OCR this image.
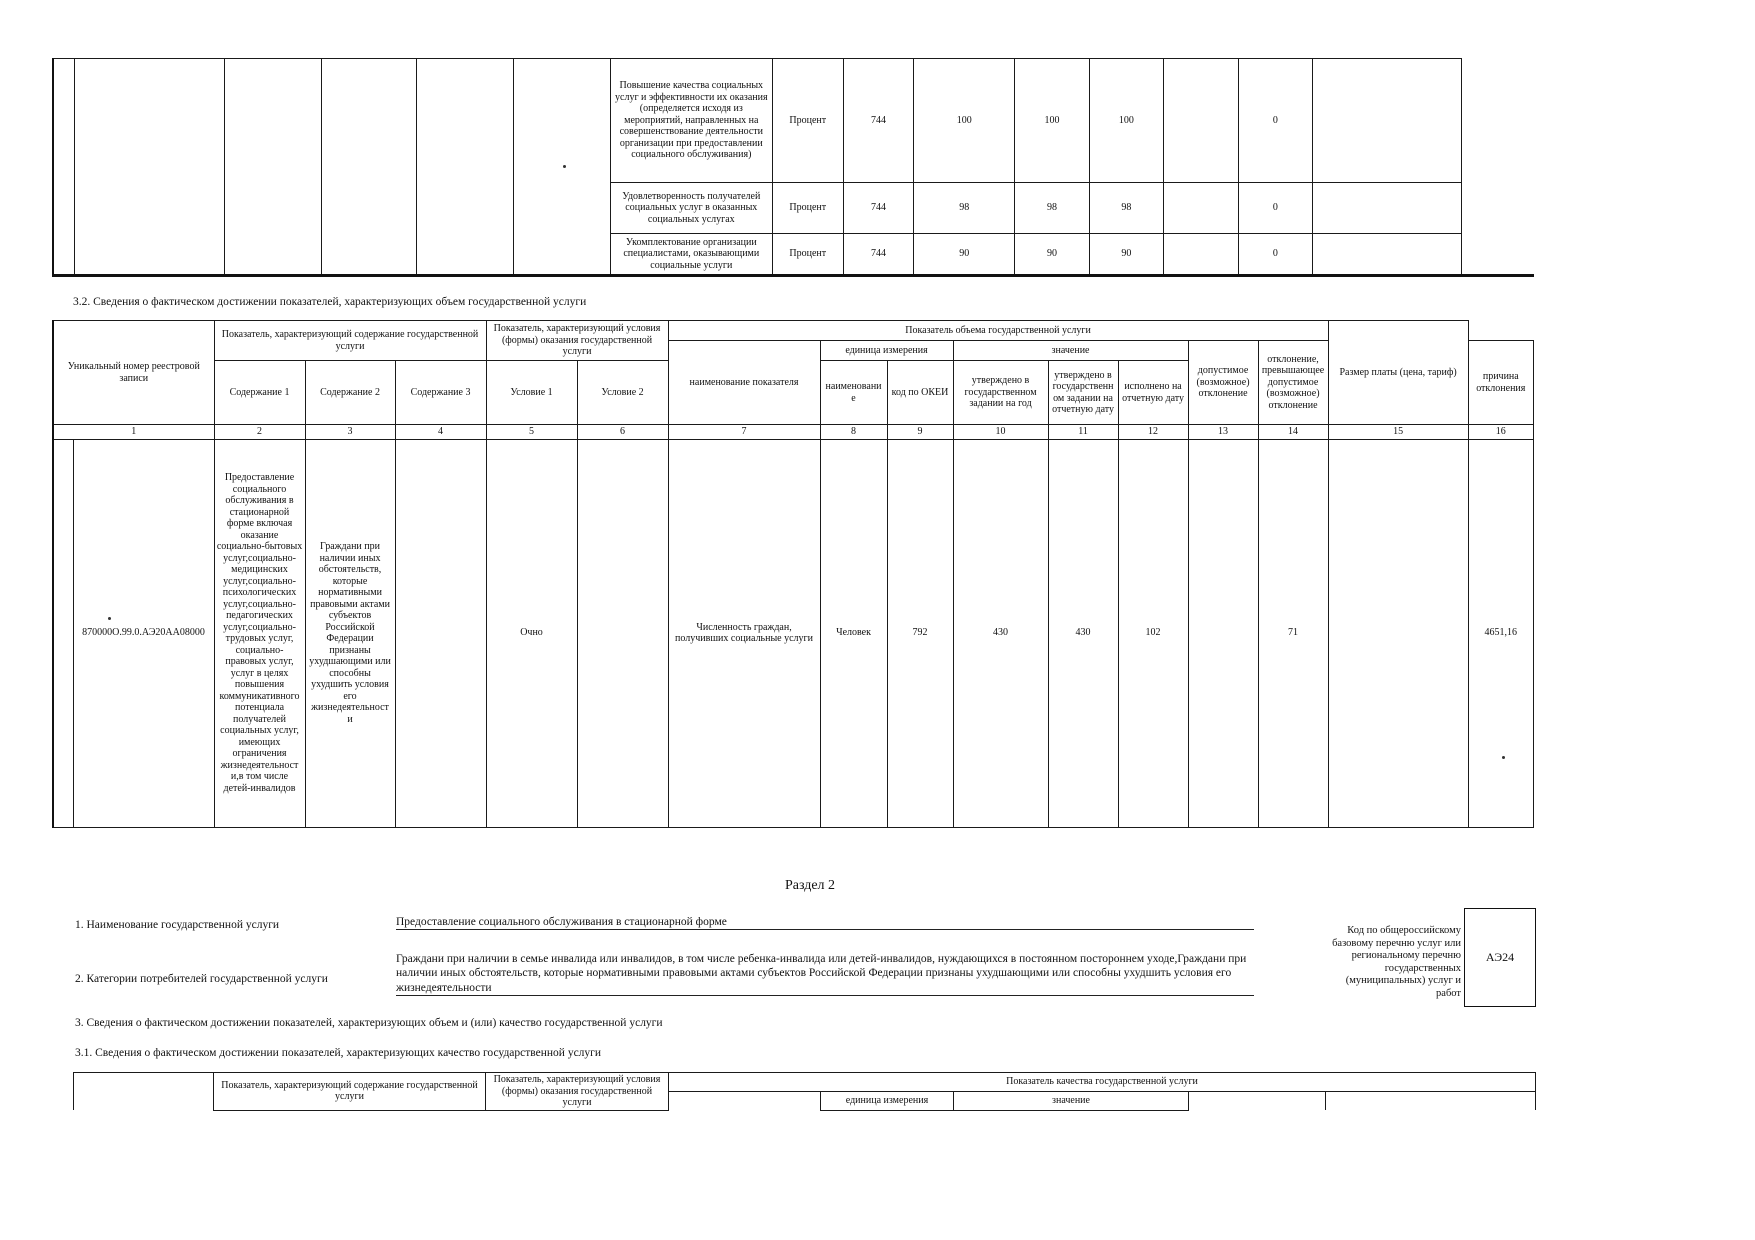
						Повышение качества социальных услуг и эффективности их оказания (определяется исходя из мероприятий, направленных на совершенствование деятельности организации при предоставлении социального обслуживания)	Процент	744	100	100	100		0		
						Удовлетворенность получателей социальных услуг в оказанных социальных услугах	Процент	744	98	98	98		0		
						Укомплектование организации специалистами, оказывающими социальные услуги	Процент	744	90	90	90		0		
3.2. Сведения о фактическом достижении показателей, характеризующих объем государственной услуги
Уникальный номер реестровой записи		Показатель, характеризующий содержание государственной услуги			Показатель, характеризующий условия (формы) оказания государственной услуги		Показатель объема государственной услуги								Размер платы (цена, тариф)	
							наименование показателя	единица измерения		значение			допустимое (возможное) отклонение	отклонение, превышающее допустимое (возможное) отклонение		причина отклонения
		Содержание 1	Содержание 2	Содержание 3	Условие 1	Условие 2		наименовани е	код по ОКЕИ	утверждено в государственном задании на год	утверждено в государственн ом задании на отчетную дату	исполнено на отчетную дату				
1		2	3	4	5	6	7	8	9	10	11	12	13	14	15	16
	870000О.99.0.АЭ20АА08000	Предоставление социального обслуживания в стационарной форме включая оказание социально-бытовых услуг,социально-медицинских услуг,социально-психологических услуг,социально-педагогических услуг,социально-трудовых услуг, социально-правовых услуг, услуг в целях повышения коммуникативного потенциала получателей социальных услуг, имеющих ограничения жизнедеятельност и,в том числе детей-инвалидов	Граждани при наличии иных обстоятельств, которые нормативными правовыми актами субъектов Российской Федерации признаны ухудшающими или способны ухудшить условия его жизнедеятельност и		Очно		Численность граждан, получивших социальные услуги	Человек	792	430	430	102		71		4651,16
Раздел 2
1. Наименование государственной услуги	Предоставление социального обслуживания в стационарной форме
2. Категории потребителей государственной услуги
Граждани при наличии в семье инвалида или инвалидов, в том числе ребенка-инвалида или детей-инвалидов, нуждающихся в постоянном постороннем уходе,Граждани при наличии иных обстоятельств, которые нормативными правовыми актами субъектов Российской Федерации признаны ухудшающими или способны ухудшить условия его жизнедеятельности
Код по общероссийскому базовому перечню услуг или региональному перечню государственных (муниципальных) услуг и работ
АЭ24
3. Сведения о фактическом достижении показателей, характеризующих объем и (или) качество государственной услуги
3.1. Сведения о фактическом достижении показателей, характеризующих качество государственной услуги
	Показатель, характеризующий содержание государственной услуги	Показатель, характеризующий условия (формы) оказания государственной услуги	Показатель качества государственной услуги				
				единица измерения	значение		
